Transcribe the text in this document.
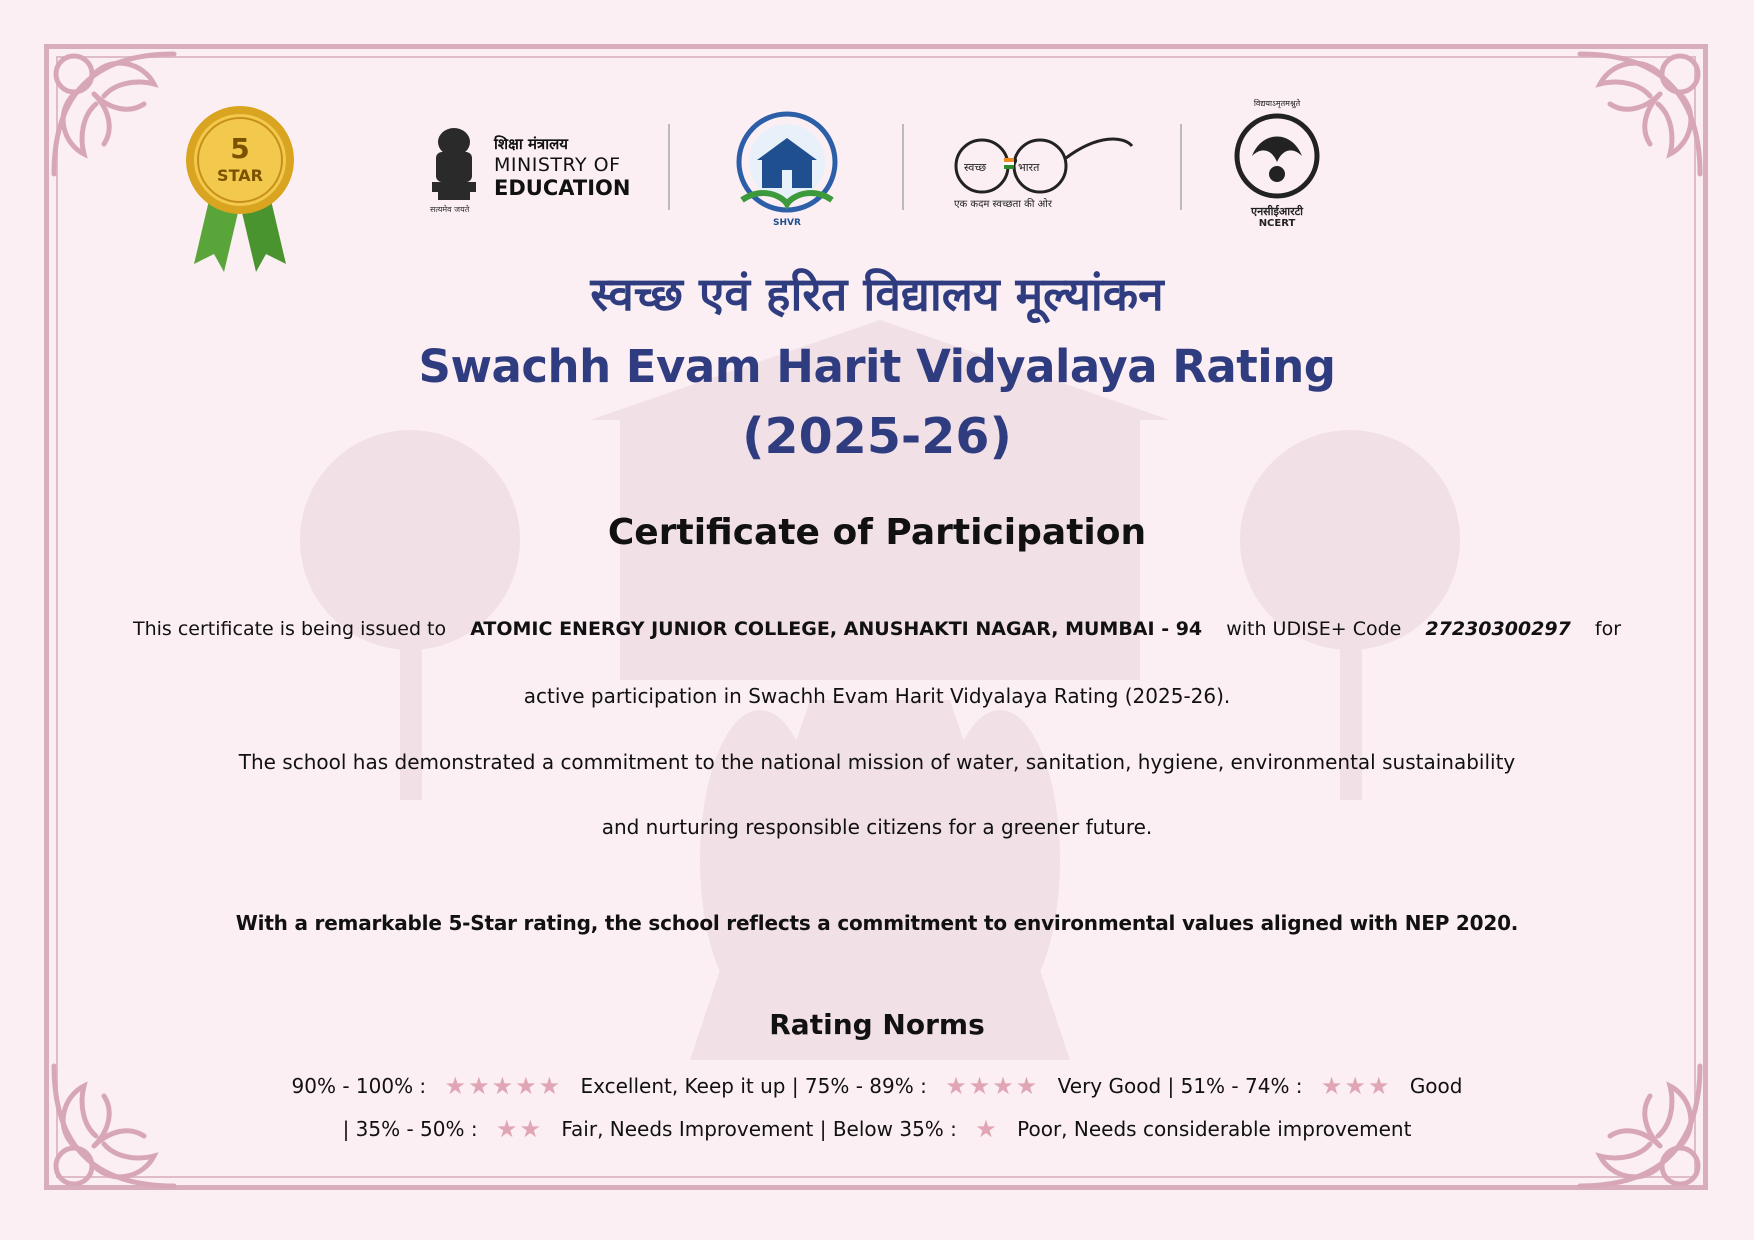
5
STAR
सत्यमेव जयते
शिक्षा मंत्रालय
MINISTRY OF
EDUCATION
SHVR
स्वच्छ	भारत
एक कदम स्वच्छता की ओर
विद्ययाऽमृतमश्नुते
एनसीईआरटी
NCERT
स्वच्छ एवं हरित विद्यालय मूल्यांकन
Swachh Evam Harit Vidyalaya Rating
(2025-26)
Certificate of Participation
This certificate is being issued to ATOMIC ENERGY JUNIOR COLLEGE, ANUSHAKTI NAGAR, MUMBAI - 94 with UDISE+ Code 27230300297 for
active participation in Swachh Evam Harit Vidyalaya Rating (2025-26).
The school has demonstrated a commitment to the national mission of water, sanitation, hygiene, environmental sustainability
and nurturing responsible citizens for a greener future.
With a remarkable 5-Star rating, the school reflects a commitment to environmental values aligned with NEP 2020.
Rating Norms
90% - 100% : ★★★★★ Excellent, Keep it up | 75% - 89% : ★★★★ Very Good | 51% - 74% : ★★★ Good
| 35% - 50% : ★★ Fair, Needs Improvement | Below 35% : ★ Poor, Needs considerable improvement
